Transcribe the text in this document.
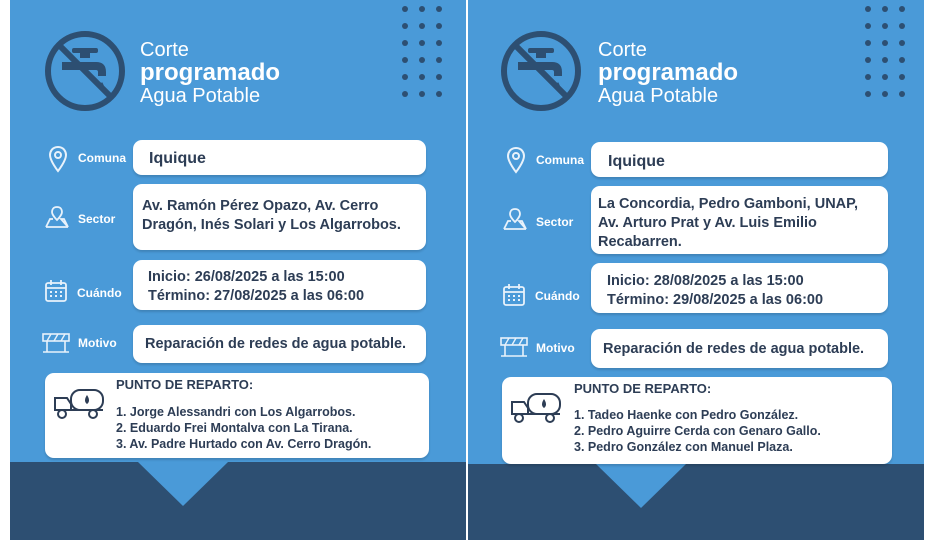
Corte
programado
Agua Potable
Comuna Iquique
Sector
Av. Ramón Pérez Opazo, Av. Cerro
Dragón, Inés Solari y Los Algarrobos.
Cuándo
Inicio: 26/08/2025 a las 15:00
Término: 27/08/2025 a las 06:00
Motivo Reparación de redes de agua potable.
PUNTO DE REPARTO:
1. Jorge Alessandri con Los Algarrobos.
2. Eduardo Frei Montalva con La Tirana.
3. Av. Padre Hurtado con Av. Cerro Dragón.
Corte
programado
Agua Potable
Comuna Iquique
Sector
La Concordia, Pedro Gamboni, UNAP,
Av. Arturo Prat y Av. Luis Emilio
Recabarren.
Cuándo
Inicio: 28/08/2025 a las 15:00
Término: 29/08/2025 a las 06:00
Motivo Reparación de redes de agua potable.
PUNTO DE REPARTO:
1. Tadeo Haenke con Pedro González.
2. Pedro Aguirre Cerda con Genaro Gallo.
3. Pedro González con Manuel Plaza.
